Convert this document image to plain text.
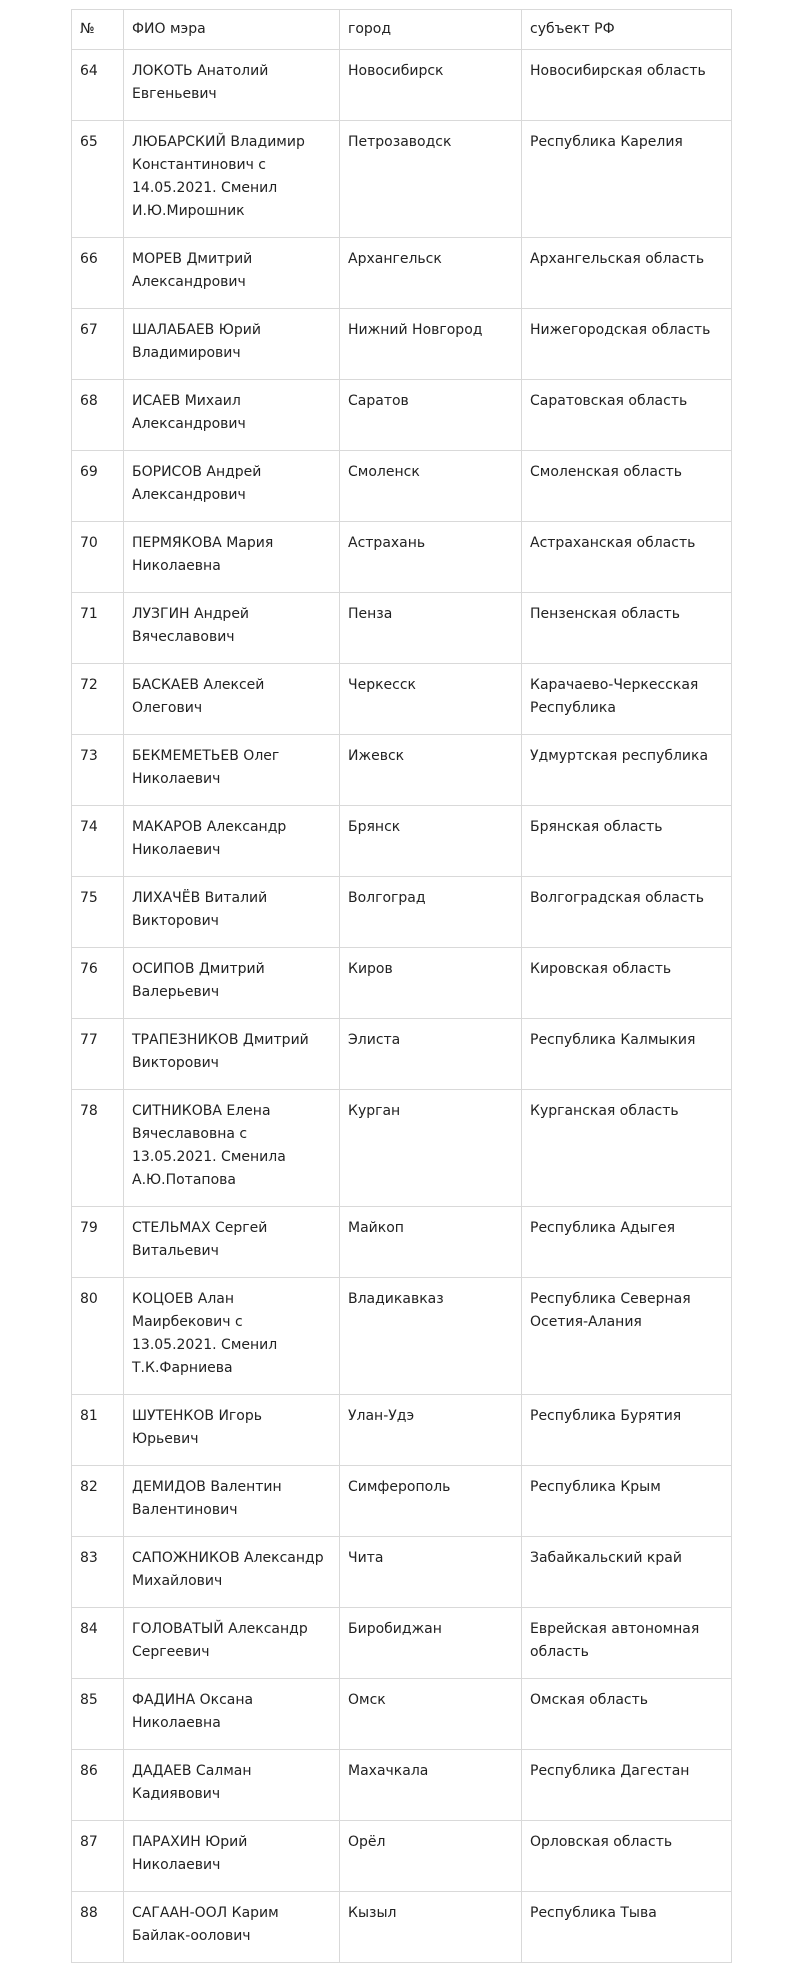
№	ФИО мэра	город	субъект РФ
64	ЛОКОТЬ Анатолий Евгеньевич	Новосибирск	Новосибирская область
65	ЛЮБАРСКИЙ Владимир Константинович с 14.05.2021. Сменил И.Ю.Мирошник	Петрозаводск	Республика Карелия
66	МОРЕВ Дмитрий Александрович	Архангельск	Архангельская область
67	ШАЛАБАЕВ Юрий Владимирович	Нижний Новгород	Нижегородская область
68	ИСАЕВ Михаил Александрович	Саратов	Саратовская область
69	БОРИСОВ Андрей Александрович	Смоленск	Смоленская область
70	ПЕРМЯКОВА Мария Николаевна	Астрахань	Астраханская область
71	ЛУЗГИН Андрей Вячеславович	Пенза	Пензенская область
72	БАСКАЕВ Алексей Олегович	Черкесск	Карачаево-Черкесская Республика
73	БЕКМЕМЕТЬЕВ Олег Николаевич	Ижевск	Удмуртская республика
74	МАКАРОВ Александр Николаевич	Брянск	Брянская область
75	ЛИХАЧЁВ Виталий Викторович	Волгоград	Волгоградская область
76	ОСИПОВ Дмитрий Валерьевич	Киров	Кировская область
77	ТРАПЕЗНИКОВ Дмитрий Викторович	Элиста	Республика Калмыкия
78	СИТНИКОВА Елена Вячеславовна с 13.05.2021. Сменила А.Ю.Потапова	Курган	Курганская область
79	СТЕЛЬМАХ Сергей Витальевич	Майкоп	Республика Адыгея
80	КОЦОЕВ Алан Маирбекович с 13.05.2021. Сменил Т.К.Фарниева	Владикавказ	Республика Северная Осетия-Алания
81	ШУТЕНКОВ Игорь Юрьевич	Улан-Удэ	Республика Бурятия
82	ДЕМИДОВ Валентин Валентинович	Симферополь	Республика Крым
83	САПОЖНИКОВ Александр Михайлович	Чита	Забайкальский край
84	ГОЛОВАТЫЙ Александр Сергеевич	Биробиджан	Еврейская автономная область
85	ФАДИНА Оксана Николаевна	Омск	Омская область
86	ДАДАЕВ Салман Кадиявович	Махачкала	Республика Дагестан
87	ПАРАХИН Юрий Николаевич	Орёл	Орловская область
88	САГААН-ООЛ Карим Байлак-оолович	Кызыл	Республика Тыва
